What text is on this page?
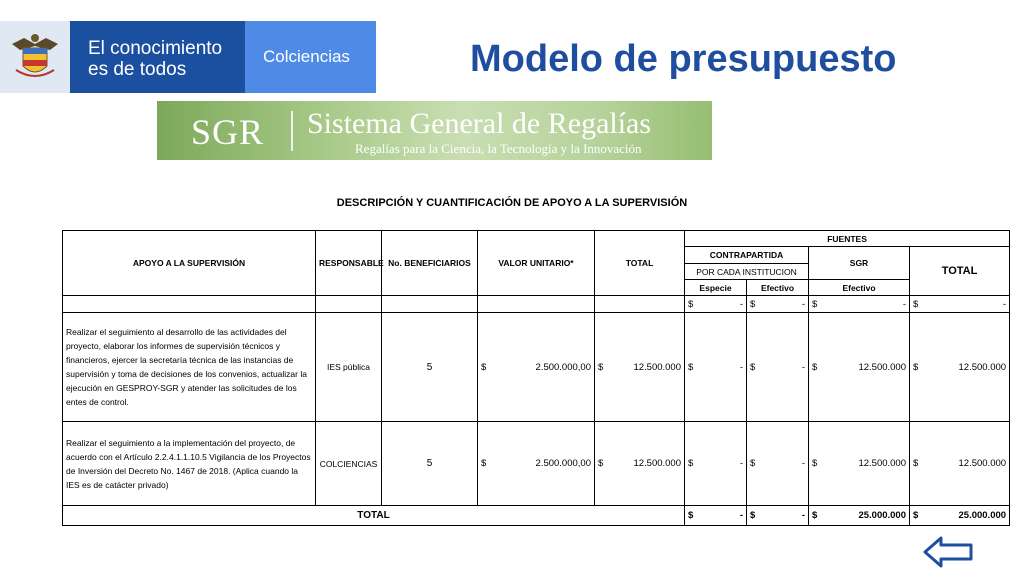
El conocimiento
es de todos
Colciencias	Modelo de presupuesto
SGR Sistema General de Regalías
Regalías para la Ciencia, la Tecnología y la Innovación
DESCRIPCIÓN Y CUANTIFICACIÓN DE APOYO A LA SUPERVISIÓN
APOYO A LA SUPERVISIÓN	RESPONSABLE	No. BENEFICIARIOS	VALOR UNITARIO*	TOTAL	FUENTES			
					CONTRAPARTIDA		SGR	TOTAL
					POR CADA INSTITUCION			
					Especie	Efectivo	Efectivo	

					$ -	$ -	$ -	$ -

Realizar el seguimiento al desarrollo de las actividades del proyecto, elaborar los informes de supervisión técnicos y financieros, ejercer la secretaría técnica de las instancias de supervisión y toma de decisiones de los convenios, actualizar la ejecución en GESPROY-SGR y atender las solicitudes de los entes de control.	IES pública	5	$ 2.500.000,00	$ 12.500.000	$ -	$ -	$ 12.500.000	$ 12.500.000

Realizar el seguimiento a la implementación del proyecto, de acuerdo con el Artículo 2.2.4.1.1.10.5 Vigilancia de los Proyectos de Inversión del Decreto No. 1467 de 2018. (Aplica cuando la IES es de catácter privado)	COLCIENCIAS	5	$ 2.500.000,00	$ 12.500.000	$ -	$ -	$ 12.500.000	$ 12.500.000

TOTAL					$ -	$ -	$ 25.000.000	$ 25.000.000
